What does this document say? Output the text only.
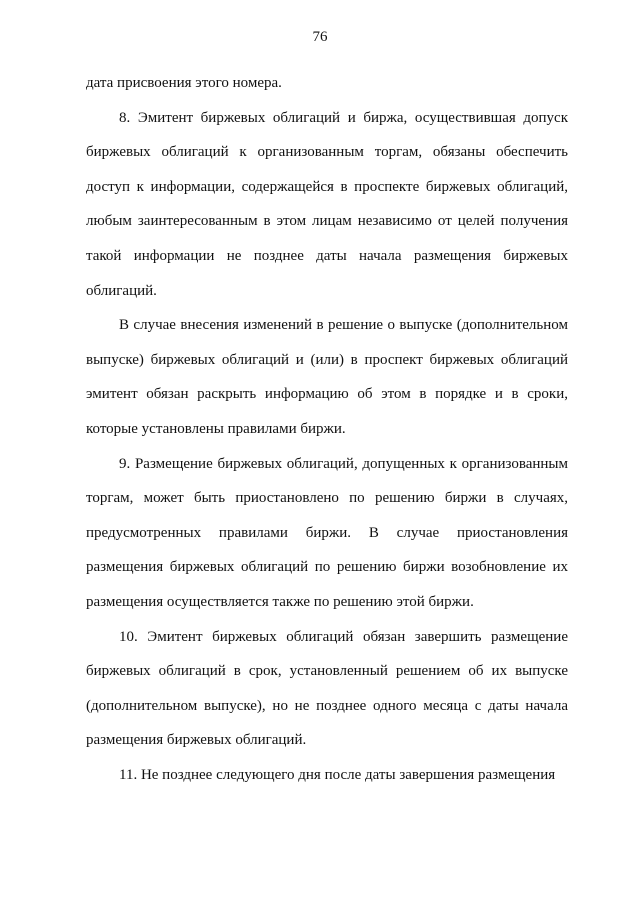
76

дата присвоения этого номера.

8. Эмитент биржевых облигаций и биржа, осуществившая допуск биржевых облигаций к организованным торгам, обязаны обеспечить доступ к информации, содержащейся в проспекте биржевых облигаций, любым заинтересованным в этом лицам независимо от целей получения такой информации не позднее даты начала размещения биржевых облигаций.

В случае внесения изменений в решение о выпуске (дополнительном выпуске) биржевых облигаций и (или) в проспект биржевых облигаций эмитент обязан раскрыть информацию об этом в порядке и в сроки, которые установлены правилами биржи.

9. Размещение биржевых облигаций, допущенных к организованным торгам, может быть приостановлено по решению биржи в случаях, предусмотренных правилами биржи. В случае приостановления размещения биржевых облигаций по решению биржи возобновление их размещения осуществляется также по решению этой биржи.

10. Эмитент биржевых облигаций обязан завершить размещение биржевых облигаций в срок, установленный решением об их выпуске (дополнительном выпуске), но не позднее одного месяца с даты начала размещения биржевых облигаций.

11. Не позднее следующего дня после даты завершения размещения
